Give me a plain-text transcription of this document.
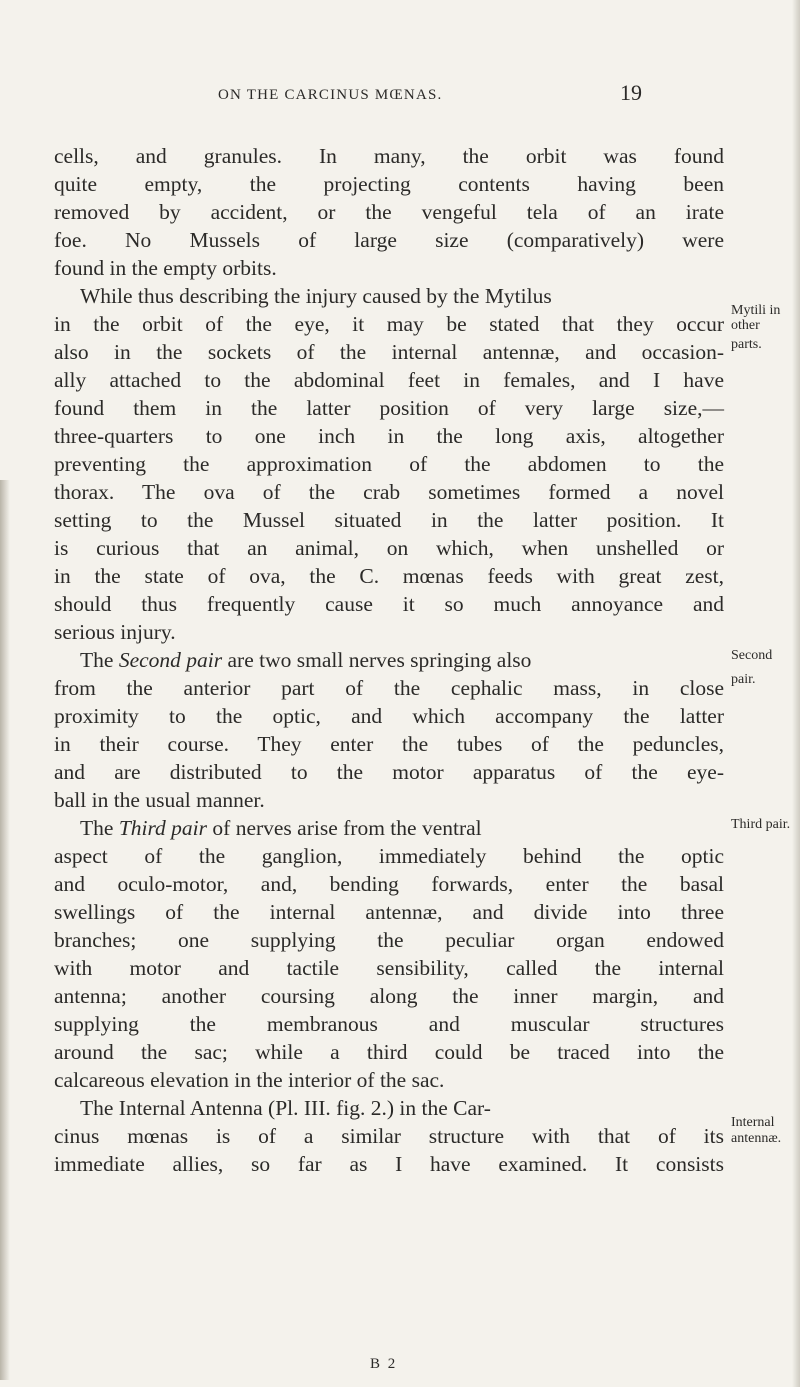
ON THE CARCINUS MŒNAS.	19
cells, and granules. In many, the orbit was found
quite empty, the projecting contents having been
removed by accident, or the vengeful tela of an irate
foe. No Mussels of large size (comparatively) were
found in the empty orbits.
While thus describing the injury caused by the Mytilus
in the orbit of the eye, it may be stated that they occur
also in the sockets of the internal antennæ, and occasion-
ally attached to the abdominal feet in females, and I have
found them in the latter position of very large size,—
three-quarters to one inch in the long axis, altogether
preventing the approximation of the abdomen to the
thorax. The ova of the crab sometimes formed a novel
setting to the Mussel situated in the latter position. It
is curious that an animal, on which, when unshelled or
in the state of ova, the C. mœnas feeds with great zest,
should thus frequently cause it so much annoyance and
serious injury.
The Second pair are two small nerves springing also
from the anterior part of the cephalic mass, in close
proximity to the optic, and which accompany the latter
in their course. They enter the tubes of the peduncles,
and are distributed to the motor apparatus of the eye-
ball in the usual manner.
The Third pair of nerves arise from the ventral
aspect of the ganglion, immediately behind the optic
and oculo-motor, and, bending forwards, enter the basal
swellings of the internal antennæ, and divide into three
branches; one supplying the peculiar organ endowed
with motor and tactile sensibility, called the internal
antenna; another coursing along the inner margin, and
supplying the membranous and muscular structures
around the sac; while a third could be traced into the
calcareous elevation in the interior of the sac.
The Internal Antenna (Pl. III. fig. 2.) in the Car-
cinus mœnas is of a similar structure with that of its
immediate allies, so far as I have examined. It consists
Mytili in
other
parts.
Second
pair.
Third pair.
Internal
antennæ.
B 2
